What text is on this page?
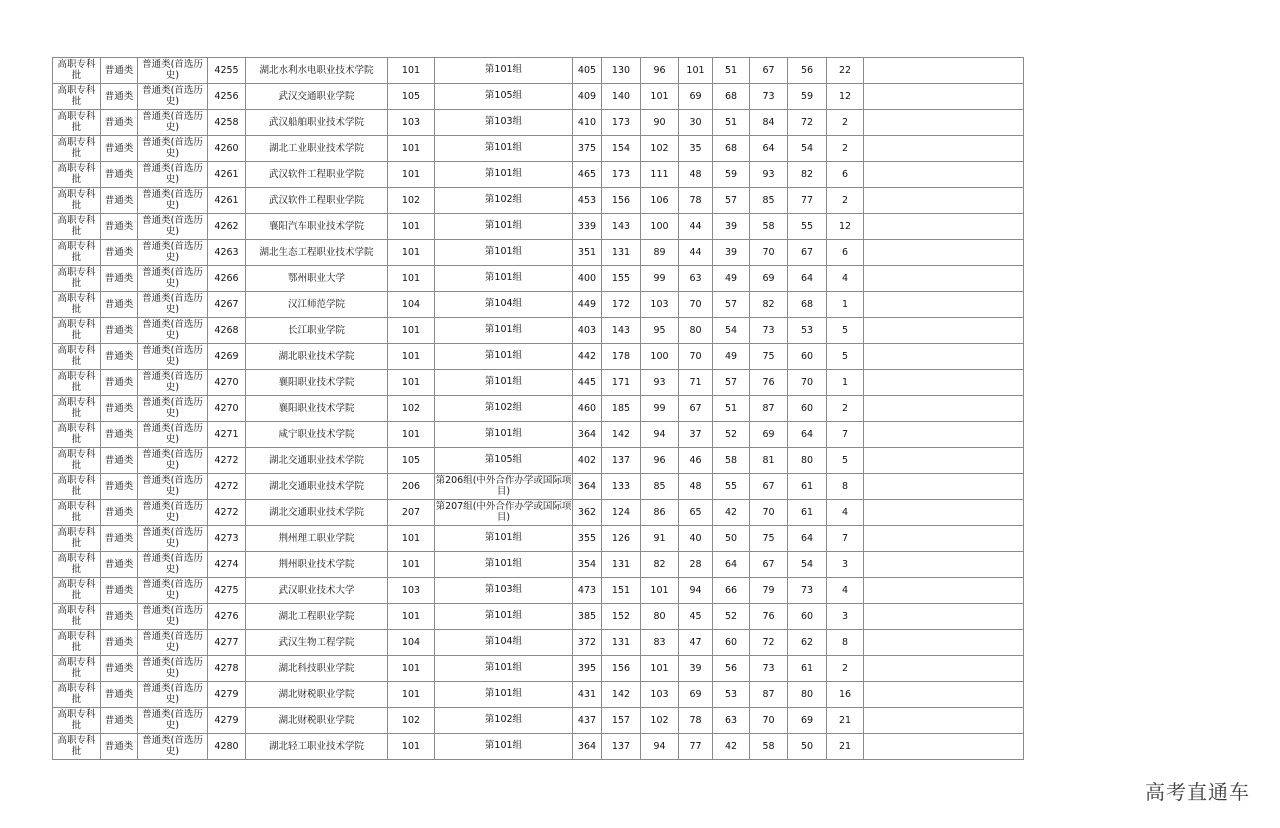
高职专科批	普通类	普通类(首选历史)	4255	湖北水利水电职业技术学院	101	第101组	405	130	96	101	51	67	56	22	
高职专科批	普通类	普通类(首选历史)	4256	武汉交通职业学院	105	第105组	409	140	101	69	68	73	59	12	
高职专科批	普通类	普通类(首选历史)	4258	武汉船舶职业技术学院	103	第103组	410	173	90	30	51	84	72	2	
高职专科批	普通类	普通类(首选历史)	4260	湖北工业职业技术学院	101	第101组	375	154	102	35	68	64	54	2	
高职专科批	普通类	普通类(首选历史)	4261	武汉软件工程职业学院	101	第101组	465	173	111	48	59	93	82	6	
高职专科批	普通类	普通类(首选历史)	4261	武汉软件工程职业学院	102	第102组	453	156	106	78	57	85	77	2	
高职专科批	普通类	普通类(首选历史)	4262	襄阳汽车职业技术学院	101	第101组	339	143	100	44	39	58	55	12	
高职专科批	普通类	普通类(首选历史)	4263	湖北生态工程职业技术学院	101	第101组	351	131	89	44	39	70	67	6	
高职专科批	普通类	普通类(首选历史)	4266	鄂州职业大学	101	第101组	400	155	99	63	49	69	64	4	
高职专科批	普通类	普通类(首选历史)	4267	汉江师范学院	104	第104组	449	172	103	70	57	82	68	1	
高职专科批	普通类	普通类(首选历史)	4268	长江职业学院	101	第101组	403	143	95	80	54	73	53	5	
高职专科批	普通类	普通类(首选历史)	4269	湖北职业技术学院	101	第101组	442	178	100	70	49	75	60	5	
高职专科批	普通类	普通类(首选历史)	4270	襄阳职业技术学院	101	第101组	445	171	93	71	57	76	70	1	
高职专科批	普通类	普通类(首选历史)	4270	襄阳职业技术学院	102	第102组	460	185	99	67	51	87	60	2	
高职专科批	普通类	普通类(首选历史)	4271	咸宁职业技术学院	101	第101组	364	142	94	37	52	69	64	7	
高职专科批	普通类	普通类(首选历史)	4272	湖北交通职业技术学院	105	第105组	402	137	96	46	58	81	80	5	
高职专科批	普通类	普通类(首选历史)	4272	湖北交通职业技术学院	206	第206组(中外合作办学或国际项目)	364	133	85	48	55	67	61	8	
高职专科批	普通类	普通类(首选历史)	4272	湖北交通职业技术学院	207	第207组(中外合作办学或国际项目)	362	124	86	65	42	70	61	4	
高职专科批	普通类	普通类(首选历史)	4273	荆州理工职业学院	101	第101组	355	126	91	40	50	75	64	7	
高职专科批	普通类	普通类(首选历史)	4274	荆州职业技术学院	101	第101组	354	131	82	28	64	67	54	3	
高职专科批	普通类	普通类(首选历史)	4275	武汉职业技术大学	103	第103组	473	151	101	94	66	79	73	4	
高职专科批	普通类	普通类(首选历史)	4276	湖北工程职业学院	101	第101组	385	152	80	45	52	76	60	3	
高职专科批	普通类	普通类(首选历史)	4277	武汉生物工程学院	104	第104组	372	131	83	47	60	72	62	8	
高职专科批	普通类	普通类(首选历史)	4278	湖北科技职业学院	101	第101组	395	156	101	39	56	73	61	2	
高职专科批	普通类	普通类(首选历史)	4279	湖北财税职业学院	101	第101组	431	142	103	69	53	87	80	16	
高职专科批	普通类	普通类(首选历史)	4279	湖北财税职业学院	102	第102组	437	157	102	78	63	70	69	21	
高职专科批	普通类	普通类(首选历史)	4280	湖北轻工职业技术学院	101	第101组	364	137	94	77	42	58	50	21	
高考直通车
